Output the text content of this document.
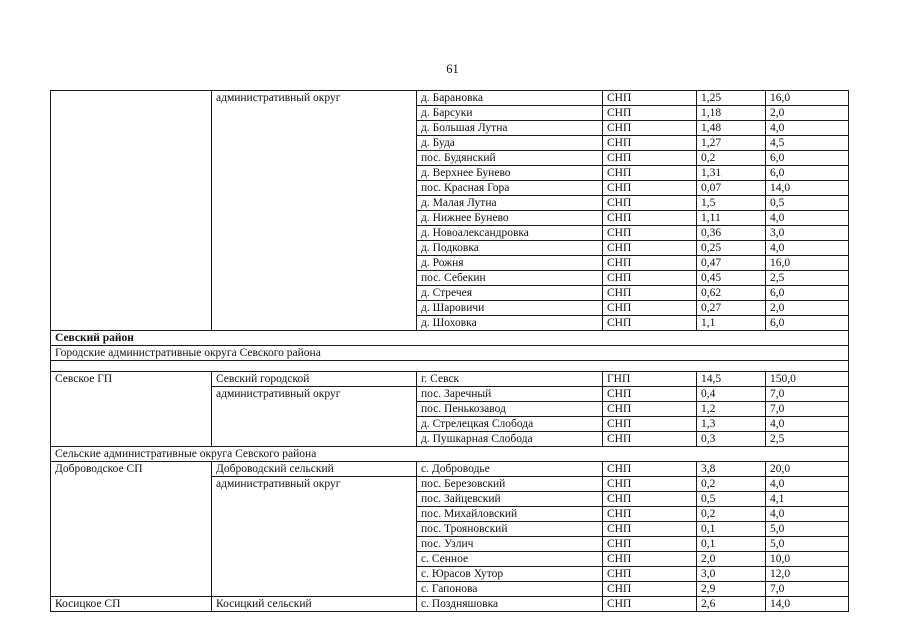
61
	административный округ	д. Барановка	СНП	1,25	16,0
		д. Барсуки	СНП	1,18	2,0
		д. Большая Лутна	СНП	1,48	4,0
		д. Буда	СНП	1,27	4,5
		пос. Будянский	СНП	0,2	6,0
		д. Верхнее Бунево	СНП	1,31	6,0
		пос. Красная Гора	СНП	0,07	14,0
		д. Малая Лутна	СНП	1,5	0,5
		д. Нижнее Бунево	СНП	1,11	4,0
		д. Новоалександровка	СНП	0,36	3,0
		д. Подковка	СНП	0,25	4,0
		д. Рожня	СНП	0,47	16,0
		пос. Себекин	СНП	0,45	2,5
		д. Стречея	СНП	0,62	6,0
		д. Шаровичи	СНП	0,27	2,0
		д. Шоховка	СНП	1,1	6,0
Севский район					
Городские административные округа Севского района					

Севское ГП	Севский городской	г. Севск	ГНП	14,5	150,0
	административный округ	пос. Заречный	СНП	0,4	7,0
		пос. Пенькозавод	СНП	1,2	7,0
		д. Стрелецкая Слобода	СНП	1,3	4,0
		д. Пушкарная Слобода	СНП	0,3	2,5
Сельские административные округа Севского района					
Доброводское СП	Доброводский сельский	с. Доброводье	СНП	3,8	20,0
	административный округ	пос. Березовский	СНП	0,2	4,0
		пос. Зайцевский	СНП	0,5	4,1
		пос. Михайловский	СНП	0,2	4,0
		пос. Трояновский	СНП	0,1	5,0
		пос. Узлич	СНП	0,1	5,0
		с. Сенное	СНП	2,0	10,0
		с. Юрасов Хутор	СНП	3,0	12,0
		с. Гапонова	СНП	2,9	7,0
Косицкое СП	Косицкий сельский	с. Поздняшовка	СНП	2,6	14,0
